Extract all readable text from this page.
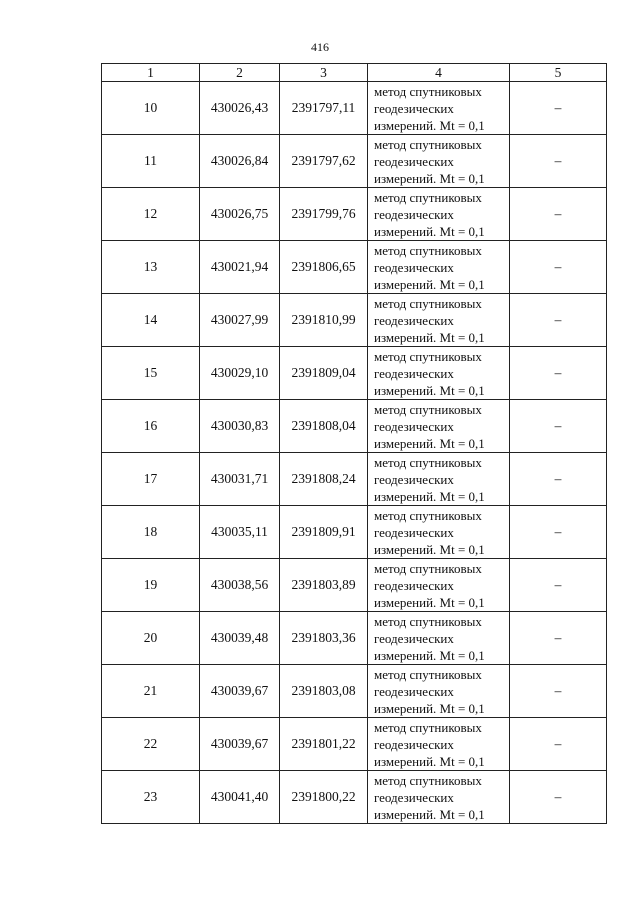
416
1	2	3	4	5
10	430026,43	2391797,11	метод спутниковых
геодезических
измерений. Mt = 0,1	–
11	430026,84	2391797,62	метод спутниковых
геодезических
измерений. Mt = 0,1	–
12	430026,75	2391799,76	метод спутниковых
геодезических
измерений. Mt = 0,1	–
13	430021,94	2391806,65	метод спутниковых
геодезических
измерений. Mt = 0,1	–
14	430027,99	2391810,99	метод спутниковых
геодезических
измерений. Mt = 0,1	–
15	430029,10	2391809,04	метод спутниковых
геодезических
измерений. Mt = 0,1	–
16	430030,83	2391808,04	метод спутниковых
геодезических
измерений. Mt = 0,1	–
17	430031,71	2391808,24	метод спутниковых
геодезических
измерений. Mt = 0,1	–
18	430035,11	2391809,91	метод спутниковых
геодезических
измерений. Mt = 0,1	–
19	430038,56	2391803,89	метод спутниковых
геодезических
измерений. Mt = 0,1	–
20	430039,48	2391803,36	метод спутниковых
геодезических
измерений. Mt = 0,1	–
21	430039,67	2391803,08	метод спутниковых
геодезических
измерений. Mt = 0,1	–
22	430039,67	2391801,22	метод спутниковых
геодезических
измерений. Mt = 0,1	–
23	430041,40	2391800,22	метод спутниковых
геодезических
измерений. Mt = 0,1	–
